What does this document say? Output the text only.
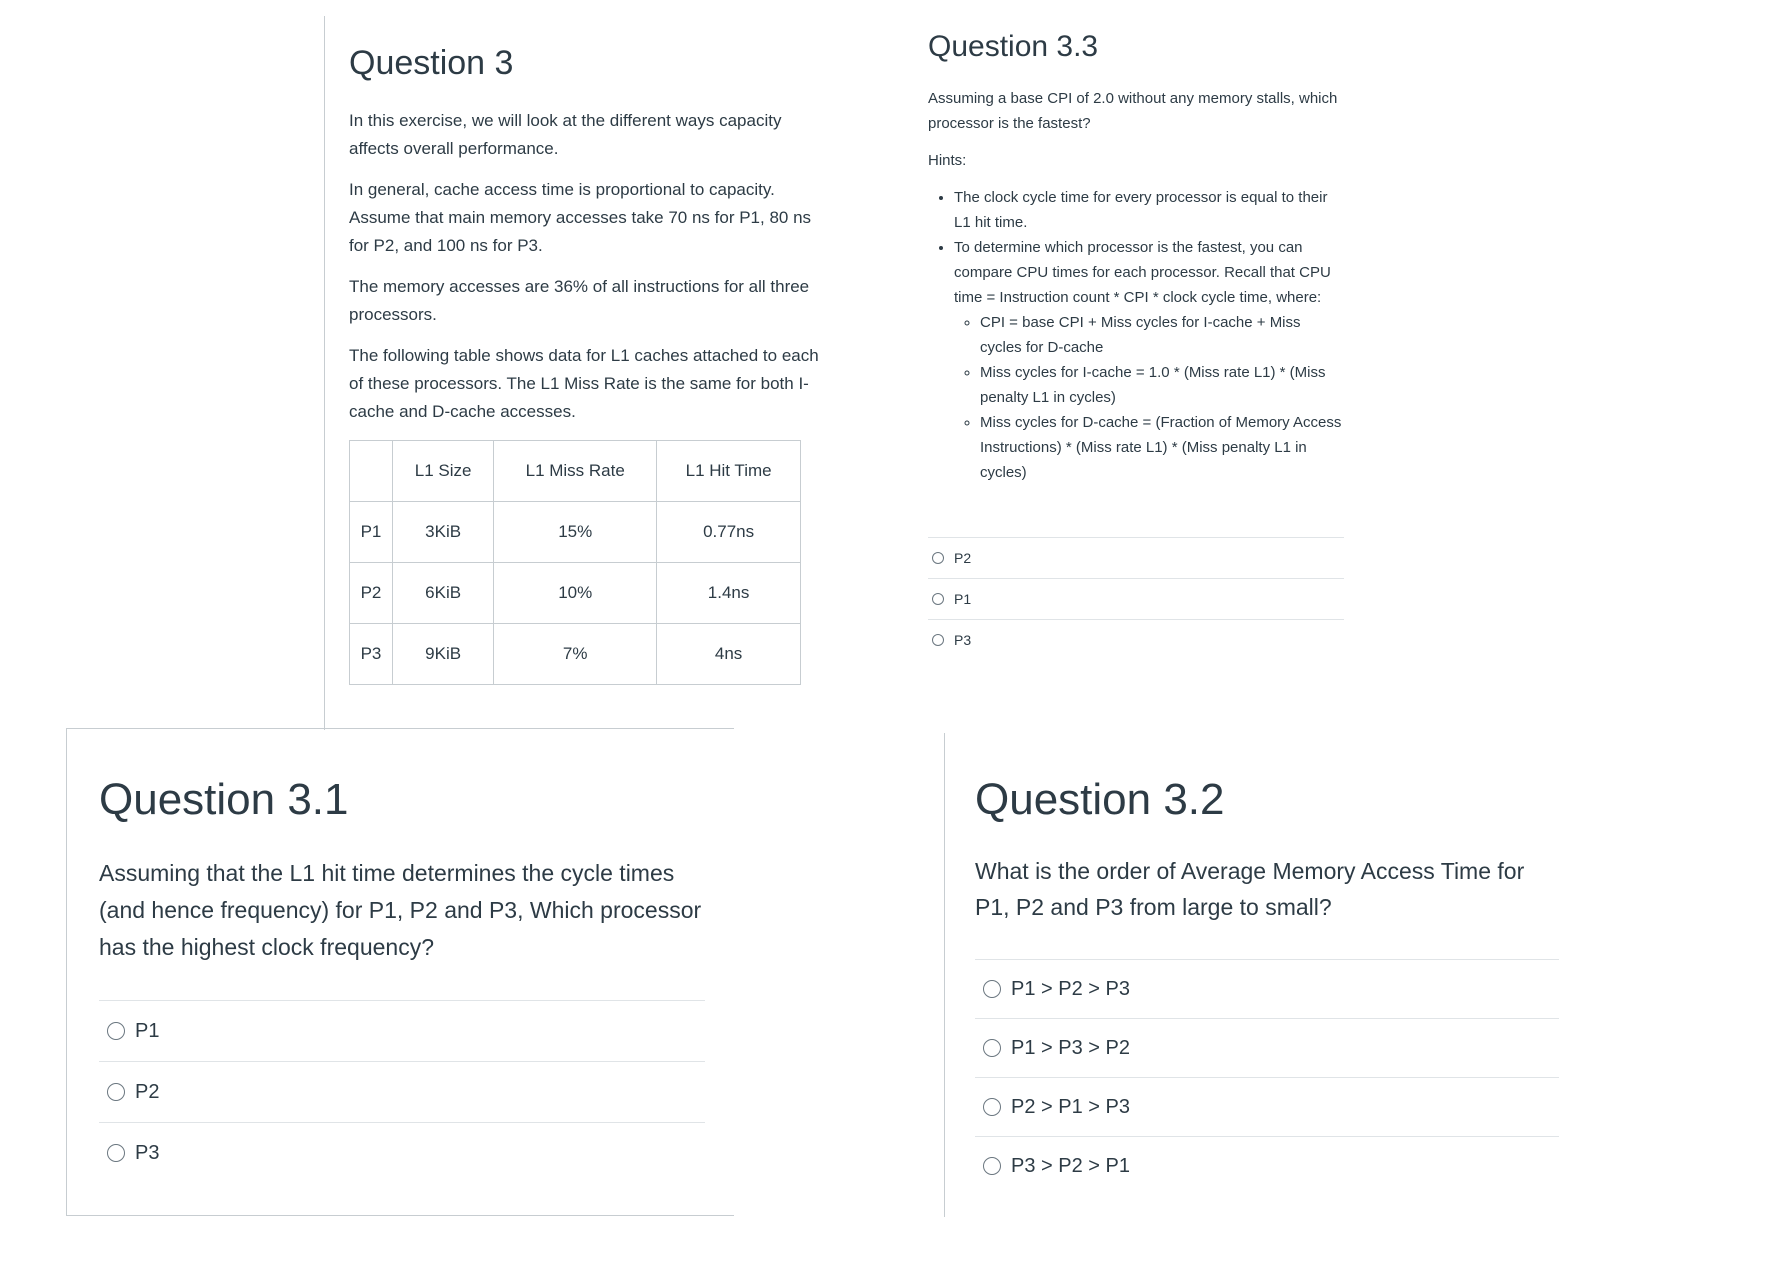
Question 3

In this exercise, we will look at the different ways capacity affects overall performance.

In general, cache access time is proportional to capacity. Assume that main memory accesses take 70 ns for P1, 80 ns for P2, and 100 ns for P3.

The memory accesses are 36% of all instructions for all three processors.

The following table shows data for L1 caches attached to each of these processors. The L1 Miss Rate is the same for both I-cache and D-cache accesses.

	L1 Size	L1 Miss Rate	L1 Hit Time
P1	3KiB	15%	0.77ns
P2	6KiB	10%	1.4ns
P3	9KiB	7%	4ns
Question 3.3

Assuming a base CPI of 2.0 without any memory stalls, which processor is the fastest?

Hints:

• The clock cycle time for every processor is equal to their L1 hit time.
• To determine which processor is the fastest, you can compare CPU times for each processor. Recall that CPU time = Instruction count * CPI * clock cycle time, where:
◦ CPI = base CPI + Miss cycles for I-cache + Miss cycles for D-cache
◦ Miss cycles for I-cache = 1.0 * (Miss rate L1) * (Miss penalty L1 in cycles)
◦ Miss cycles for D-cache = (Fraction of Memory Access Instructions) * (Miss rate L1) * (Miss penalty L1 in cycles)
P2
P1
P3
Question 3.1

Assuming that the L1 hit time determines the cycle times (and hence frequency) for P1, P2 and P3, Which processor has the highest clock frequency?

P1
P2
P3
Question 3.2

What is the order of Average Memory Access Time for P1, P2 and P3 from large to small?

P1 > P2 > P3
P1 > P3 > P2
P2 > P1 > P3
P3 > P2 > P1
